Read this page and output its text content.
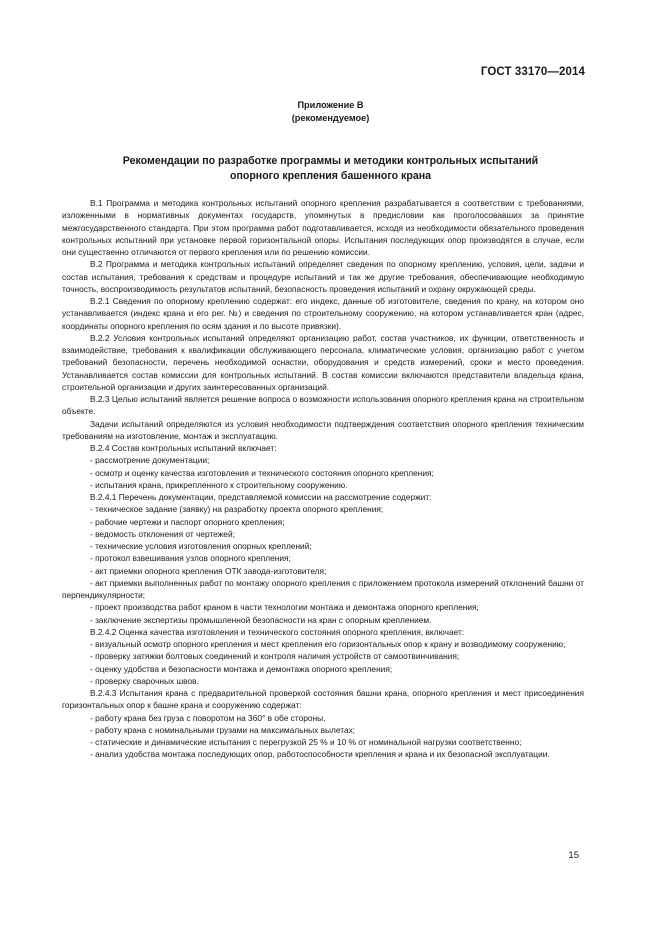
ГОСТ 33170—2014
Приложение В
(рекомендуемое)
Рекомендации по разработке программы и методики контрольных испытаний
опорного крепления башенного крана

В.1 Программа и методика контрольных испытаний опорного крепления разрабатывается в соответствии с требованиями, изложенными в нормативных документах государств, упомянутых в предисловии как проголосовавших за принятие межгосударственного стандарта. При этом программа работ подготавливается, исходя из необходимости обязательного проведения контрольных испытаний при установке первой горизонтальной опоры. Испытания последующих опор производятся в случае, если они существенно отличаются от первого крепления или по решению комиссии.

В.2 Программа и методика контрольных испытаний определяет сведения по опорному креплению, условия, цели, задачи и состав испытания, требования к средствам и процедуре испытаний и так же другие требования, обеспечивающие необходимую точность, воспроизводимость результатов испытаний, безопасность проведения испытаний и охрану окружающей среды.

В.2.1 Сведения по опорному креплению содержат: его индекс, данные об изготовителе, сведения по крану, на котором оно устанавливается (индекс крана и его рег. №) и сведения по строительному сооружению, на котором устанавливается кран (адрес, координаты опорного крепления по осям здания и по высоте привязки).

В.2.2 Условия контрольных испытаний определяют организацию работ, состав участников, их функции, ответственность и взаимодействие, требования к квалификации обслуживающего персонала, климатические условия, организацию работ с учетом требований безопасности, перечень необходимой оснастки, оборудования и средств измерений, сроки и место проведения. Устанавливается состав комиссии для контрольных испытаний. В состав комиссии включаются представители владельца крана, строительной организации и других заинтересованных организаций.

В.2.3 Целью испытаний является решение вопроса о возможности использования опорного крепления крана на строительном объекте.

Задачи испытаний определяются из условия необходимости подтверждения соответствия опорного крепления техническим требованиям на изготовление, монтаж и эксплуатацию.

В.2.4 Состав контрольных испытаний включает:

- рассмотрение документации;

- осмотр и оценку качества изготовления и технического состояния опорного крепления;

- испытания крана, прикрепленного к строительному сооружению.

В.2.4.1 Перечень документации, представляемой комиссии на рассмотрение содержит:

- техническое задание (заявку) на разработку проекта опорного крепления;

- рабочие чертежи и паспорт опорного крепления;

- ведомость отклонения от чертежей;

- технические условия изготовления опорных креплений;

- протокол взвешивания узлов опорного крепления;

- акт приемки опорного крепления ОТК завода-изготовителя;

- акт приемки выполненных работ по монтажу опорного крепления с приложением протокола измерений отклонений башни от перпендикулярности;

- проект производства работ краном в части технологии монтажа и демонтажа опорного крепления;

- заключение экспертизы промышленной безопасности на кран с опорным креплением.

В.2.4.2 Оценка качества изготовления и технического состояния опорного крепления, включает:

- визуальный осмотр опорного крепления и мест крепления его горизонтальных опор к крану и возводимому сооружению;

- проверку затяжки болтовых соединений и контроля наличия устройств от самоотвинчивания;

- оценку удобства и безопасности монтажа и демонтажа опорного крепления;

- проверку сварочных швов.

В.2.4.3 Испытания крана с предварительной проверкой состояния башни крана, опорного крепления и мест присоединения горизонтальных опор к башне крана и сооружению содержат:

- работу крана без груза с поворотом на 360° в обе стороны,

- работу крана с номинальными грузами на максимальных вылетах;

- статические и динамические испытания с перегрузкой 25 % и 10 % от номинальной нагрузки соответственно;

- анализ удобства монтажа последующих опор, работоспособности крепления и крана и их безопасной эксплуатации.

15
